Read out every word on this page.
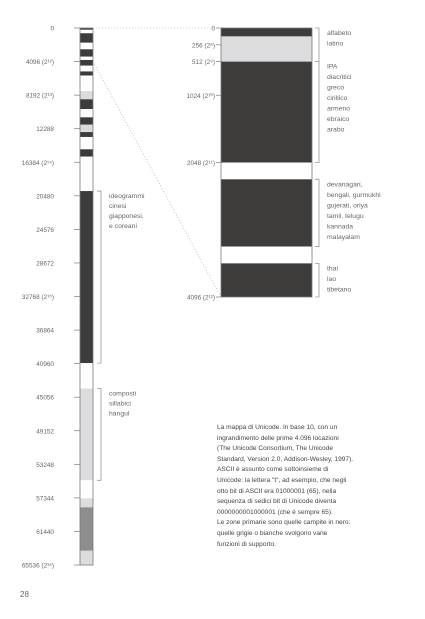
0
4096 (2¹²)
8192 (2¹³)
12288
16384 (2¹⁴)
20480
24576
28672
32768 (2¹⁵)
36864
40960
45056
49152
53248
57344
61440
65536 (2¹⁶)
ideogrammi
cinesi
giapponesi,
e coreani
composti
sillabici
hangul
0
256 (2⁸)
512 (2⁹)
1024 (2¹⁰)
2048 (2¹¹)
4096 (2¹²)
alfabeto
latino
IPA
diacritici
greco
cirillico
armeno
ebraico
arabo
devanagari,
bengali, gurmukhi
gujerati, oriya
tamil, telugu
kannada
malayalam
thai
lao
tibetano

La mappa di Unicode. In base 10, con un

ingrandimento delle prime 4.096 locazioni

(The Unicode Consortium, The Unicode

Standard, Version 2.0, Addison-Wesley, 1997).

ASCII è assunto come sottoinsieme di

Unicode: la lettera "t", ad esempio, che negli

otto bit di ASCII era 01000001 (65), nella

sequenza di sedici bit di Unicode diventa

0000000001000001 (che è sempre 65).

Le zone primarie sono quelle campite in nero:

quelle grigie o bianche svolgono varie

funzioni di supporto.

28
